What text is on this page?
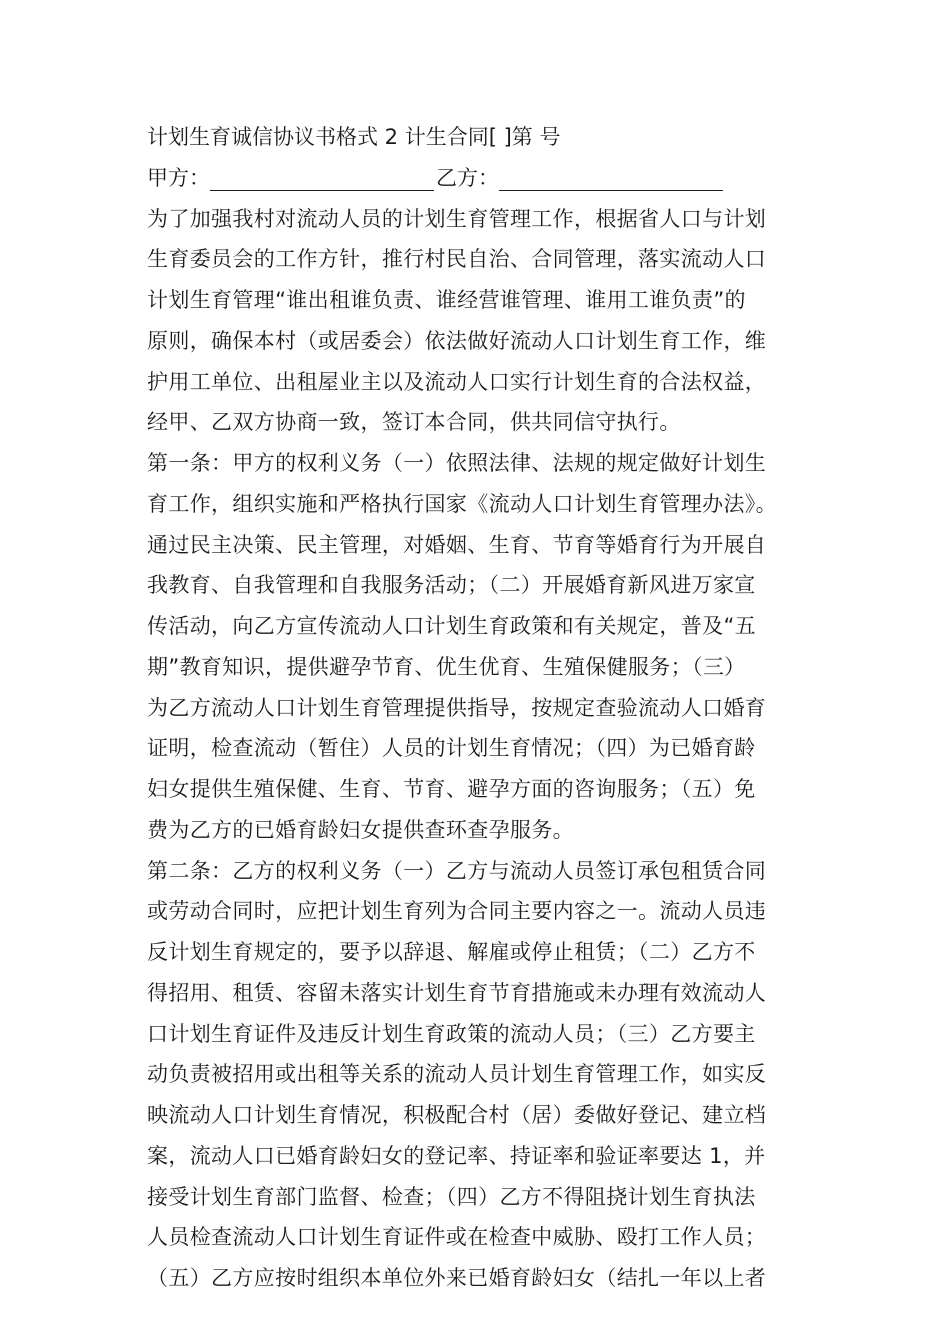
计划生育诚信协议书格式 2 计生合同[ ]第 号
甲方：	乙方：
为了加强我村对流动人员的计划生育管理工作，根据省人口与计划
生育委员会的工作方针，推行村民自治、合同管理，落实流动人口
计划生育管理“谁出租谁负责、谁经营谁管理、谁用工谁负责”的
原则，确保本村（或居委会）依法做好流动人口计划生育工作，维
护用工单位、出租屋业主以及流动人口实行计划生育的合法权益，
经甲、乙双方协商一致，签订本合同，供共同信守执行。
第一条：甲方的权利义务（一）依照法律、法规的规定做好计划生
育工作，组织实施和严格执行国家《流动人口计划生育管理办法》。
通过民主决策、民主管理，对婚姻、生育、节育等婚育行为开展自
我教育、自我管理和自我服务活动；（二）开展婚育新风进万家宣
传活动，向乙方宣传流动人口计划生育政策和有关规定，普及“五
期”教育知识，提供避孕节育、优生优育、生殖保健服务；（三）
为乙方流动人口计划生育管理提供指导，按规定查验流动人口婚育
证明，检查流动（暂住）人员的计划生育情况；（四）为已婚育龄
妇女提供生殖保健、生育、节育、避孕方面的咨询服务；（五）免
费为乙方的已婚育龄妇女提供查环查孕服务。
第二条：乙方的权利义务（一）乙方与流动人员签订承包租赁合同
或劳动合同时，应把计划生育列为合同主要内容之一。流动人员违
反计划生育规定的，要予以辞退、解雇或停止租赁；（二）乙方不
得招用、租赁、容留未落实计划生育节育措施或未办理有效流动人
口计划生育证件及违反计划生育政策的流动人员；（三）乙方要主
动负责被招用或出租等关系的流动人员计划生育管理工作，如实反
映流动人口计划生育情况，积极配合村（居）委做好登记、建立档
案，流动人口已婚育龄妇女的登记率、持证率和验证率要达 1，并
接受计划生育部门监督、检查；（四）乙方不得阻挠计划生育执法
人员检查流动人口计划生育证件或在检查中威胁、殴打工作人员；
（五）乙方应按时组织本单位外来已婚育龄妇女（结扎一年以上者
